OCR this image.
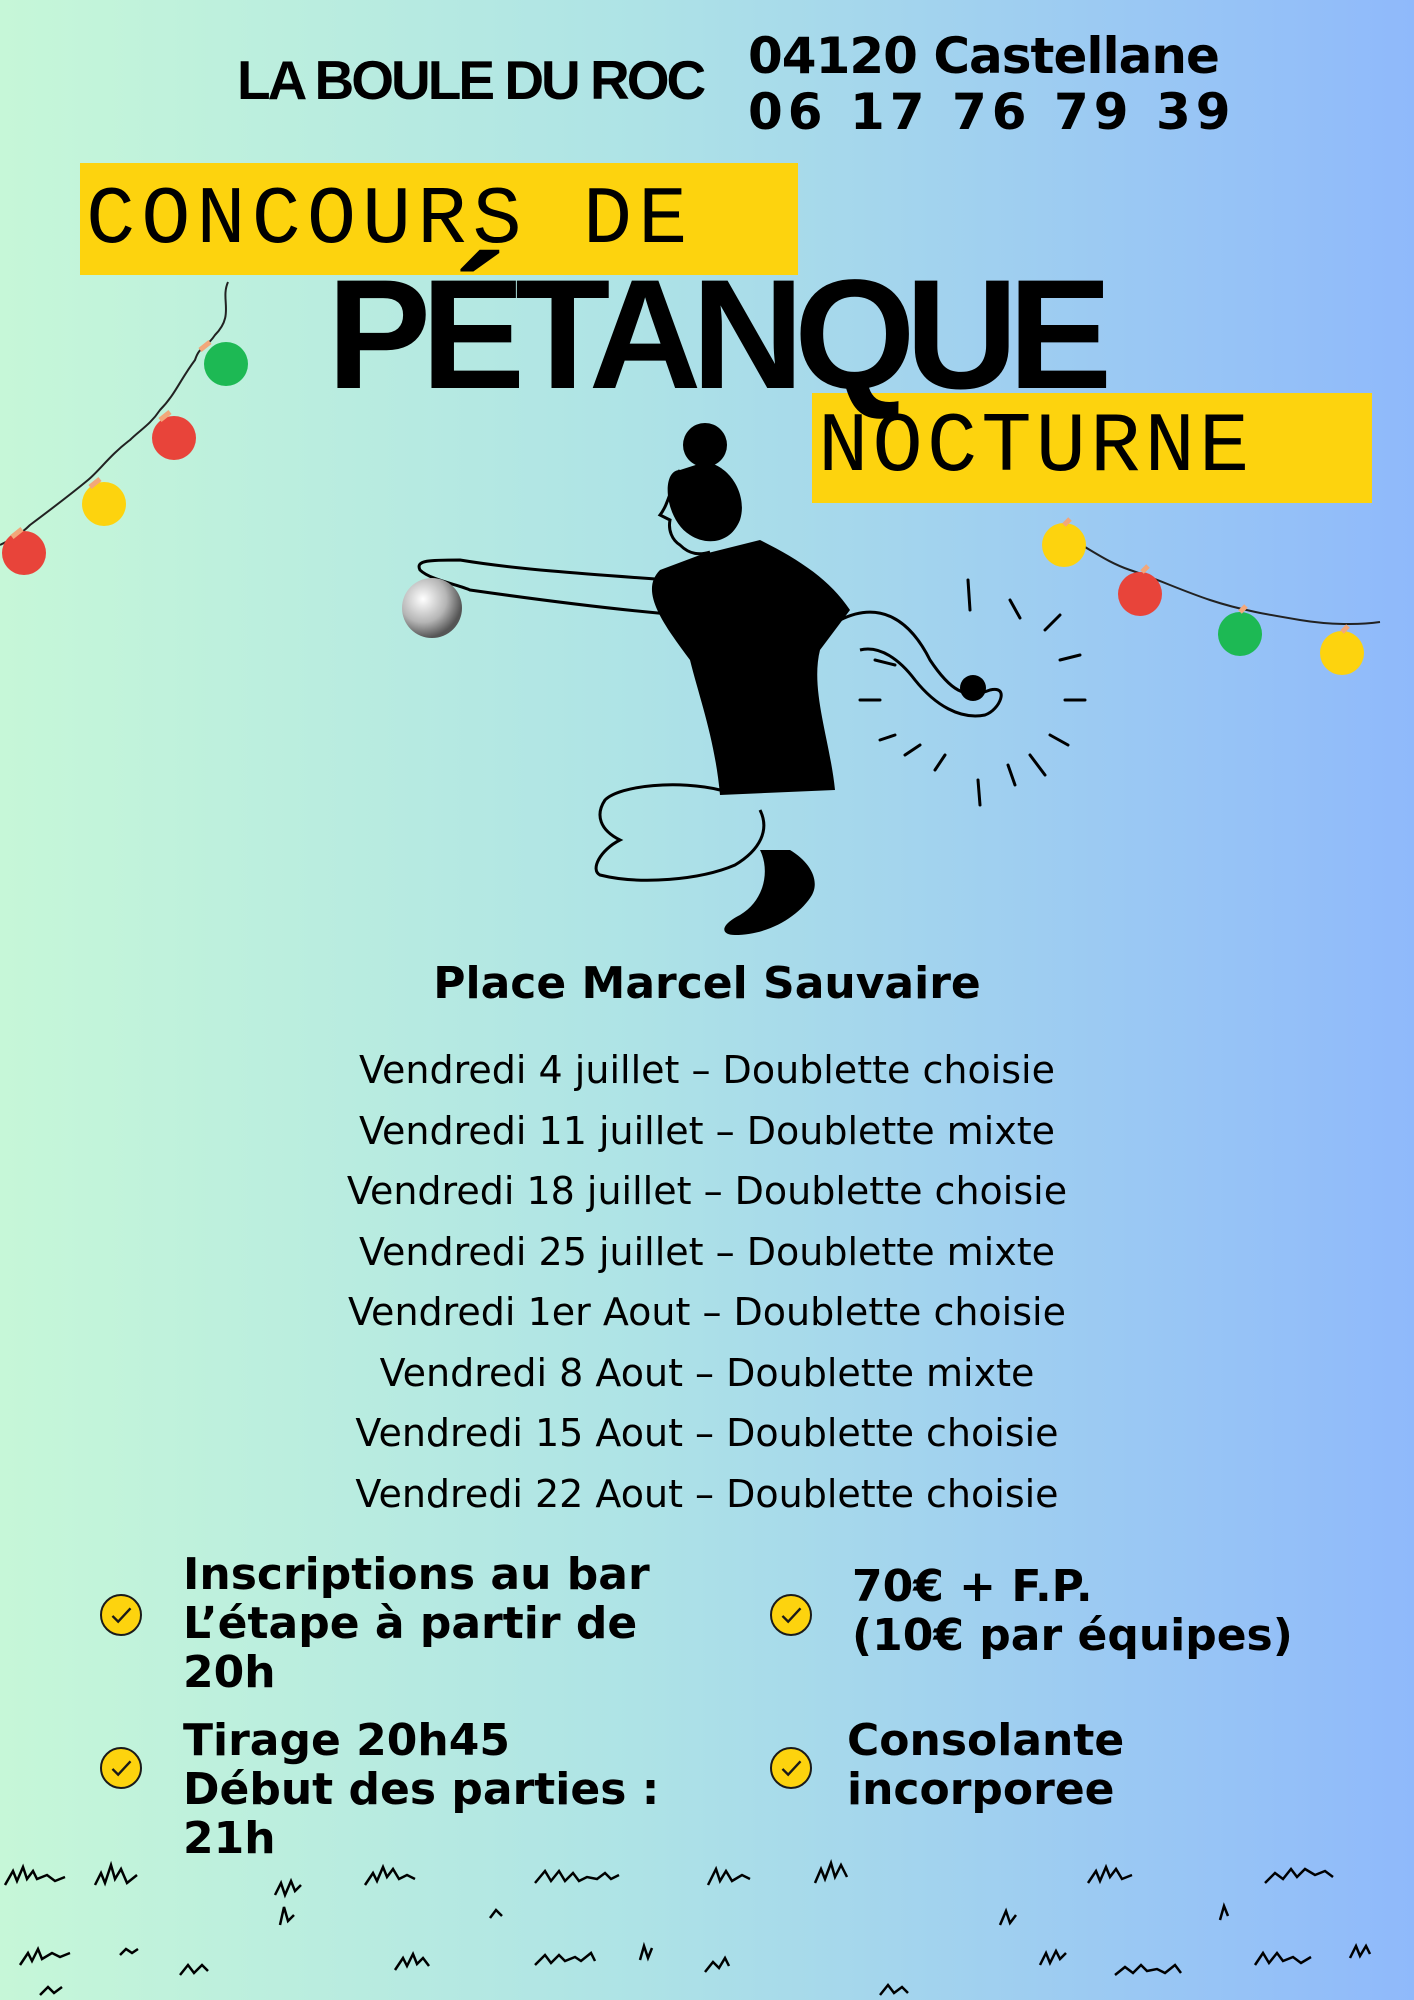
LA BOULE DU ROC 04120 Castellane
06 17 76 79 39
CONCOURS DE
PÉTANQUE
NOCTURNE
Place Marcel Sauvaire
Vendredi 4 juillet – Doublette choisie
Vendredi 11 juillet – Doublette mixte
Vendredi 18 juillet – Doublette choisie
Vendredi 25 juillet – Doublette mixte
Vendredi 1er Aout – Doublette choisie
Vendredi 8 Aout – Doublette mixte
Vendredi 15 Aout – Doublette choisie
Vendredi 22 Aout – Doublette choisie
Inscriptions au bar
L’étape à partir de
20h
Tirage 20h45
Début des parties :
21h
70€ + F.P.
(10€ par équipes)
Consolante
incorporee
